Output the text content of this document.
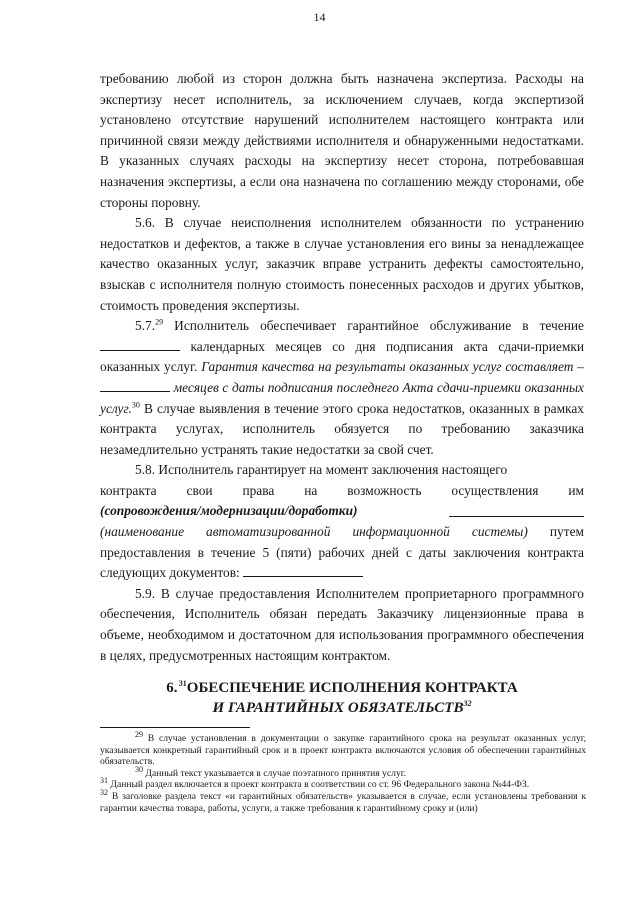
14

требованию любой из сторон должна быть назначена экспертиза. Расходы на экспертизу несет исполнитель, за исключением случаев, когда экспертизой установлено отсутствие нарушений исполнителем настоящего контракта или причинной связи между действиями исполнителя и обнаруженными недостатками. В указанных случаях расходы на экспертизу несет сторона, потребовавшая назначения экспертизы, а если она назначена по соглашению между сторонами, обе стороны поровну.

5.6. В случае неисполнения исполнителем обязанности по устранению недостатков и дефектов, а также в случае установления его вины за ненадлежащее качество оказанных услуг, заказчик вправе устранить дефекты самостоятельно, взыскав с исполнителя полную стоимость понесенных расходов и других убытков, стоимость проведения экспертизы.

5.7.29 Исполнитель обеспечивает гарантийное обслуживание в течение  календарных месяцев со дня подписания акта сдачи-приемки оказанных услуг. Гарантия качества на результаты оказанных услуг составляет –  месяцев с даты подписания последнего Акта сдачи-приемки оказанных услуг.$^{30}$ В случае выявления в течение этого срока недостатков, оказанных в рамках контракта услугах, исполнитель обязуется по требованию заказчика незамедлительно устранять такие недостатки за свой счет.

5.8. Исполнитель гарантирует на момент заключения настоящего

контракта свои права на возможность осуществления им
(сопровождения/модернизации/доработки)

(наименование автоматизированной информационной системы) путем предоставления в течение 5 (пяти) рабочих дней с даты заключения контракта следующих документов:

5.9. В случае предоставления Исполнителем проприетарного программного обеспечения, Исполнитель обязан передать Заказчику лицензионные права в объеме, необходимом и достаточном для использования программного обеспечения в целях, предусмотренных настоящим контрактом.

6. $^{31}$ОБЕСПЕЧЕНИЕ ИСПОЛНЕНИЯ КОНТРАКТА
И ГАРАНТИЙНЫХ ОБЯЗАТЕЛЬСТВ$^{32}$

$^{29}$ В случае установления в документации о закупке гарантийного срока на результат оказанных услуг, указывается конкретный гарантийный срок и в проект контракта включаются условия об обеспечении гарантийных обязательств.

$^{30}$ Данный текст указывается в случае поэтапного принятия услуг.

$^{31}$ Данный раздел включается в проект контракта в соответствии со ст. 96 Федерального закона №44-ФЗ.

$^{32}$ В заголовке раздела текст «и гарантийных обязательств» указывается в случае, если установлены требования к гарантии качества товара, работы, услуги, а также требования к гарантийному сроку и (или)
